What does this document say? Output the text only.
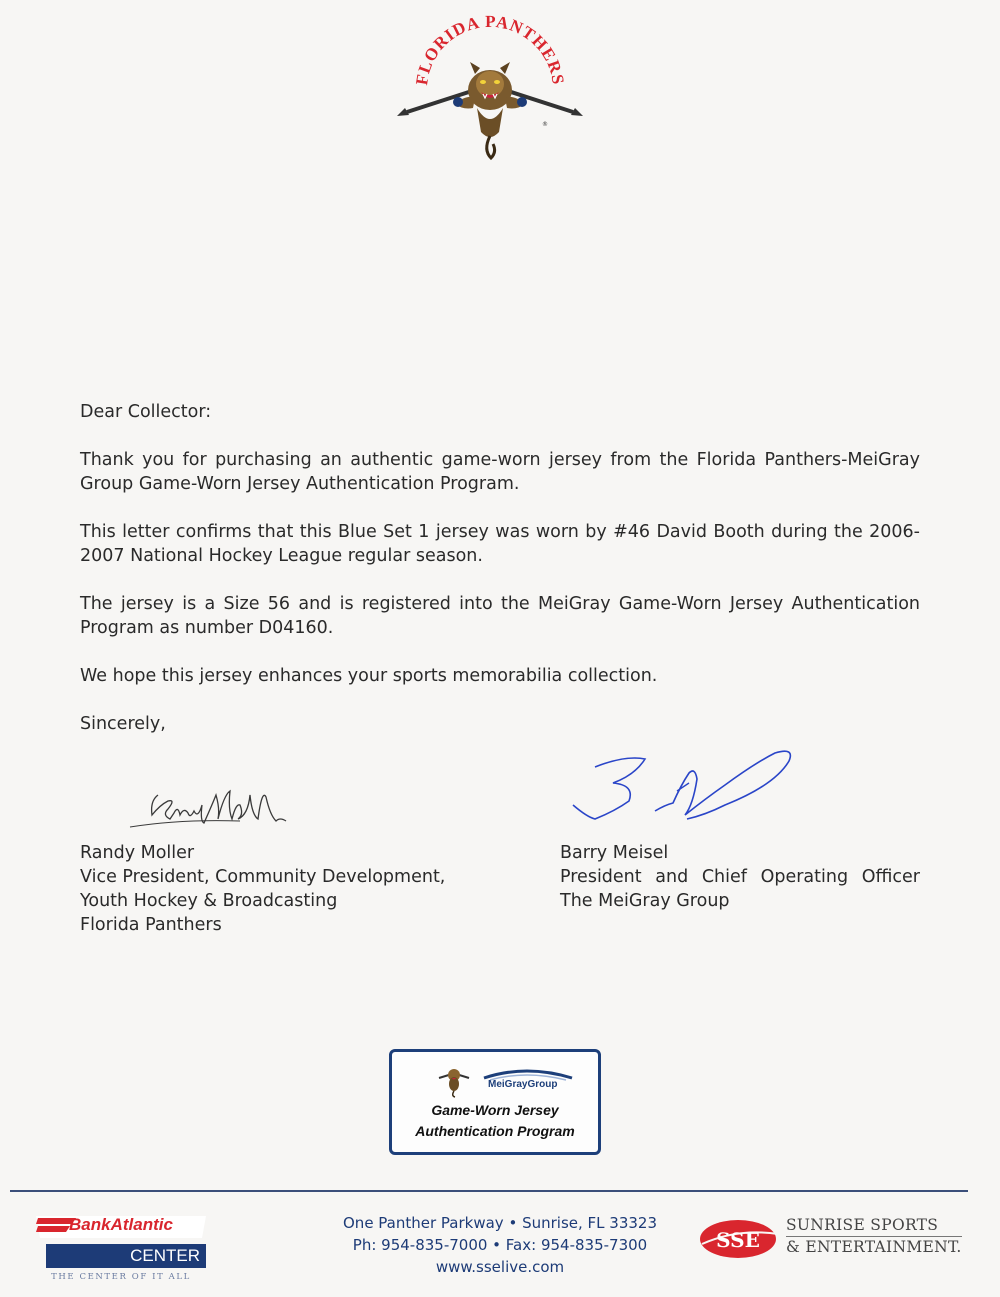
FLORIDA PANTHERS
®

Dear Collector:

Thank you for purchasing an authentic game-worn jersey from the Florida Panthers-MeiGray Group Game-Worn Jersey Authentication Program.

This letter confirms that this Blue Set 1 jersey was worn by #46 David Booth during the 2006-2007 National Hockey League regular season.

The jersey is a Size 56 and is registered into the MeiGray Game-Worn Jersey Authentication Program as number D04160.

We hope this jersey enhances your sports memorabilia collection.

Sincerely,

Randy Moller
Vice President, Community Development,
Youth Hockey & Broadcasting
Florida Panthers
Barry Meisel
President and Chief Operating Officer
The MeiGray Group
MeiGrayGroup
Game-Worn Jersey
Authentication Program
BankAtlantic
CENTER
THE CENTER OF IT ALL
One Panther Parkway • Sunrise, FL 33323
Ph: 954-835-7000 • Fax: 954-835-7300
www.sselive.com
SSE
SUNRISE SPORTS
& ENTERTAINMENT.
